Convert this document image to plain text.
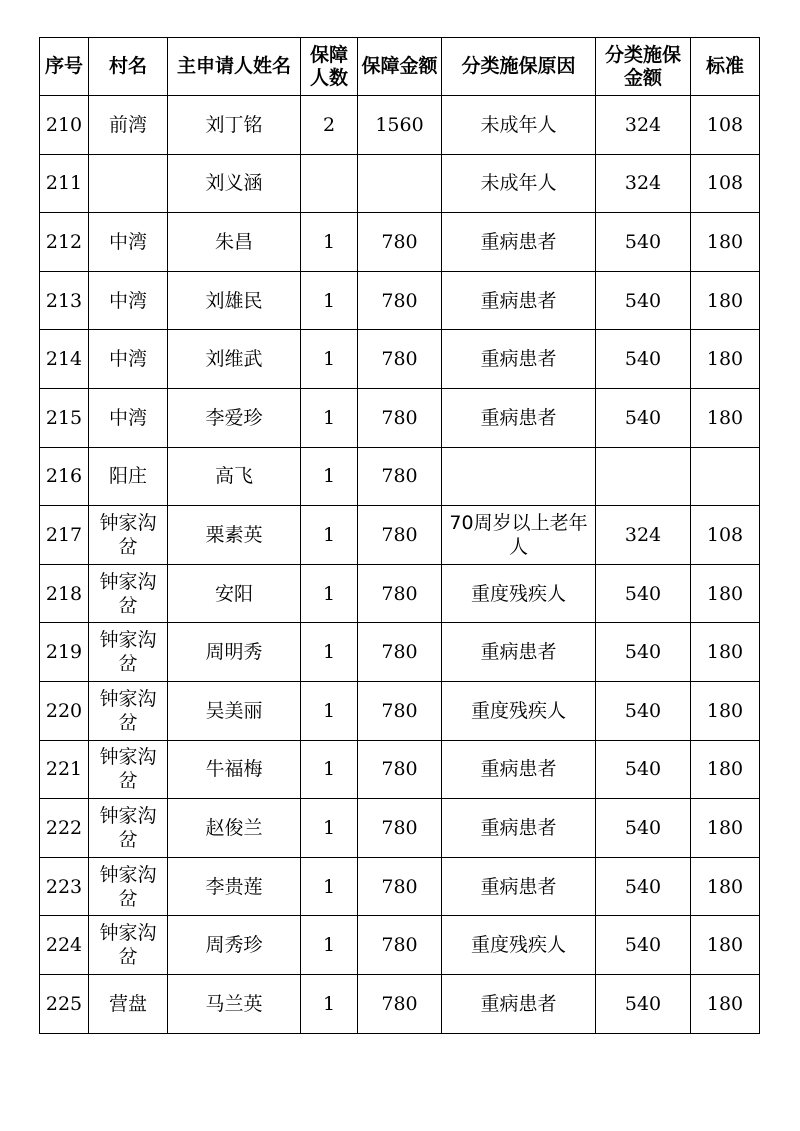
序号	村名	主申请人姓名	保障人数	保障金额	分类施保原因	分类施保金额	标准
210	前湾	刘丁铭	2	1560	未成年人	324	108
211		刘义涵			未成年人	324	108
212	中湾	朱昌	1	780	重病患者	540	180
213	中湾	刘雄民	1	780	重病患者	540	180
214	中湾	刘维武	1	780	重病患者	540	180
215	中湾	李爱珍	1	780	重病患者	540	180
216	阳庄	高飞	1	780			
217	钟家沟岔	栗素英	1	780	70周岁以上老年人	324	108
218	钟家沟岔	安阳	1	780	重度残疾人	540	180
219	钟家沟岔	周明秀	1	780	重病患者	540	180
220	钟家沟岔	吴美丽	1	780	重度残疾人	540	180
221	钟家沟岔	牛福梅	1	780	重病患者	540	180
222	钟家沟岔	赵俊兰	1	780	重病患者	540	180
223	钟家沟岔	李贵莲	1	780	重病患者	540	180
224	钟家沟岔	周秀珍	1	780	重度残疾人	540	180
225	营盘	马兰英	1	780	重病患者	540	180
